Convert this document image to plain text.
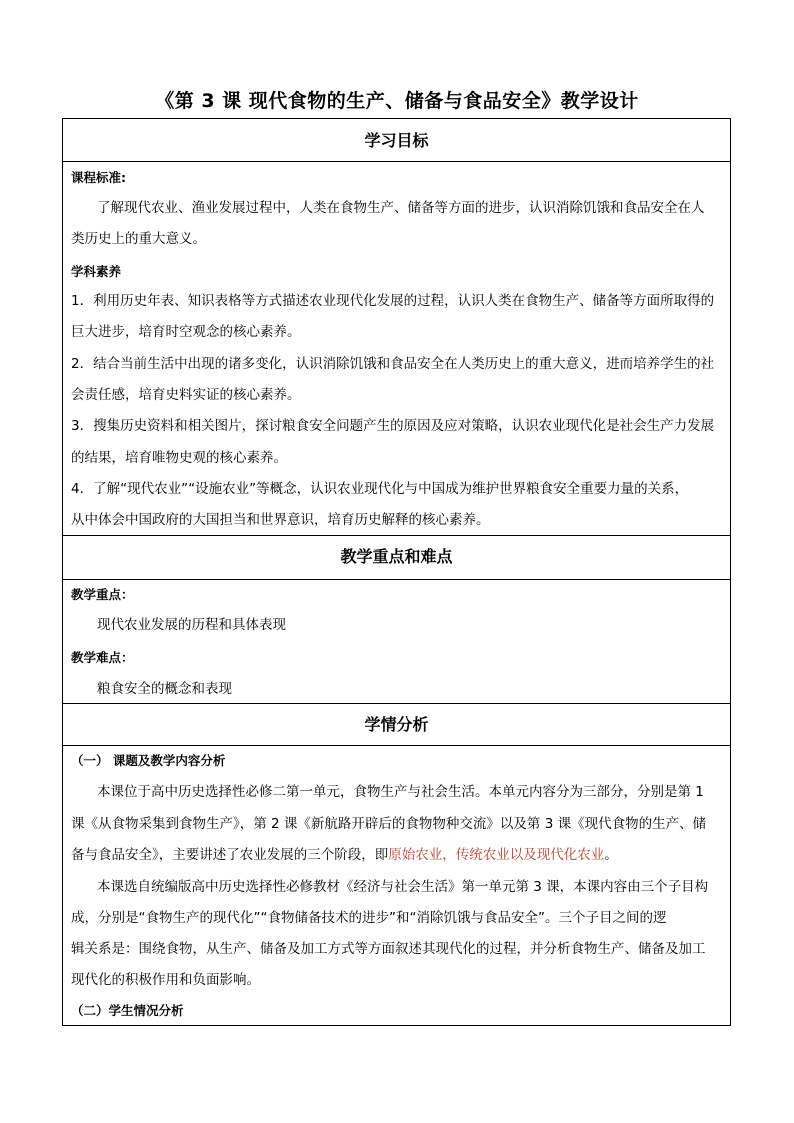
《第 3 课 现代食物的生产、储备与食品安全》教学设计
学习目标
课程标准:
了解现代农业、渔业发展过程中，人类在食物生产、储备等方面的进步，认识消除饥饿和食品安全在人
类历史上的重大意义。
学科素养
1．利用历史年表、知识表格等方式描述农业现代化发展的过程，认识人类在食物生产、储备等方面所取得的
巨大进步，培育时空观念的核心素养。
2．结合当前生活中出现的诸多变化，认识消除饥饿和食品安全在人类历史上的重大意义，进而培养学生的社
会责任感，培育史料实证的核心素养。
3．搜集历史资料和相关图片，探讨粮食安全问题产生的原因及应对策略，认识农业现代化是社会生产力发展
的结果，培育唯物史观的核心素养。
4．了解“现代农业”“设施农业”等概念，认识农业现代化与中国成为维护世界粮食安全重要力量的关系，
从中体会中国政府的大国担当和世界意识，培育历史解释的核心素养。
教学重点和难点
教学重点：
现代农业发展的历程和具体表现
教学难点：
粮食安全的概念和表现
学情分析
（一） 课题及教学内容分析
本课位于高中历史选择性必修二第一单元，食物生产与社会生活。本单元内容分为三部分，分别是第 1
课《从食物采集到食物生产》，第 2 课《新航路开辟后的食物物种交流》以及第 3 课《现代食物的生产、储
备与食品安全》，主要讲述了农业发展的三个阶段，即原始农业，传统农业以及现代化农业。
本课选自统编版高中历史选择性必修教材《经济与社会生活》第一单元第 3 课，本课内容由三个子目构
成，分别是“食物生产的现代化”“食物储备技术的进步”和“消除饥饿与食品安全”。三个子目之间的逻
辑关系是：围绕食物，从生产、储备及加工方式等方面叙述其现代化的过程，并分析食物生产、储备及加工
现代化的积极作用和负面影响。
（二）学生情况分析
